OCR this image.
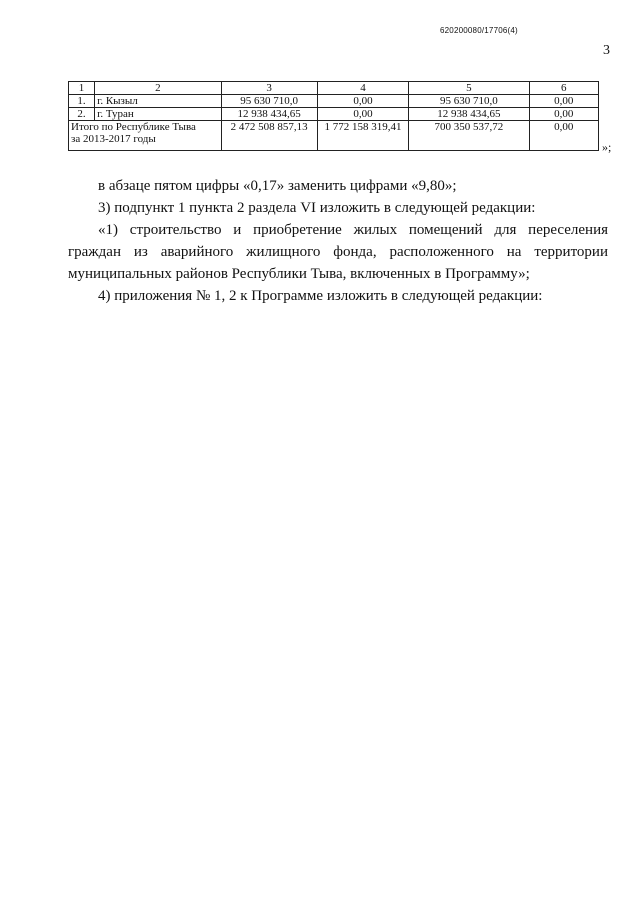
620200080/17706(4)
3
1	2	3	4	5	6
1.	г. Кызыл	95 630 710,0	0,00	95 630 710,0	0,00
2.	г. Туран	12 938 434,65	0,00	12 938 434,65	0,00
Итого по Республике Тыва
за 2013-2017 годы		2 472 508 857,13	1 772 158 319,41	700 350 537,72	0,00
»;

в абзаце пятом цифры «0,17» заменить цифрами «9,80»;

3) подпункт 1 пункта 2 раздела VI изложить в следующей редакции:

«1) строительство и приобретение жилых помещений для переселения граждан из аварийного жилищного фонда, расположенного на территории муниципальных районов Республики Тыва, включенных в Программу»;

4) приложения № 1, 2 к Программе изложить в следующей редакции:
